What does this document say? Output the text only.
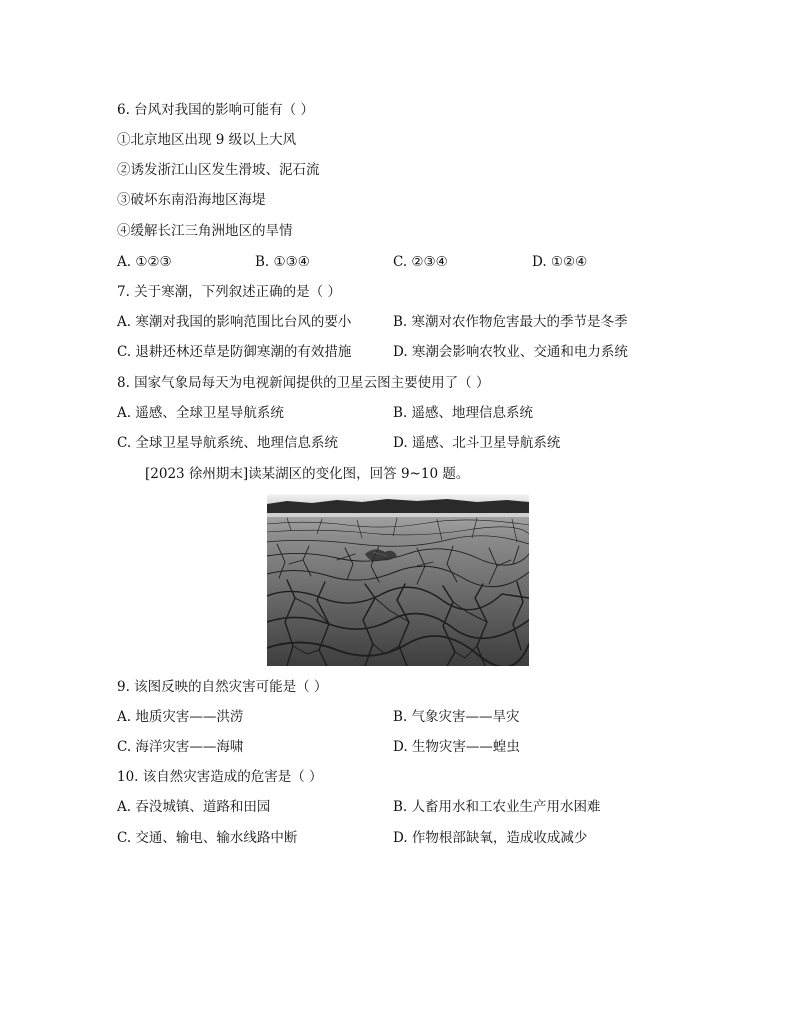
6. 台风对我国的影响可能有（ ）
①北京地区出现 9 级以上大风
②诱发浙江山区发生滑坡、泥石流
③破坏东南沿海地区海堤
④缓解长江三角洲地区的旱情
A. ①②③	B. ①③④	C. ②③④	D. ①②④
7. 关于寒潮，下列叙述正确的是（ ）
A. 寒潮对我国的影响范围比台风的要小	B. 寒潮对农作物危害最大的季节是冬季
C. 退耕还林还草是防御寒潮的有效措施	D. 寒潮会影响农牧业、交通和电力系统
8. 国家气象局每天为电视新闻提供的卫星云图主要使用了（ ）
A. 遥感、全球卫星导航系统	B. 遥感、地理信息系统
C. 全球卫星导航系统、地理信息系统	D. 遥感、北斗卫星导航系统
[2023 徐州期末]读某湖区的变化图，回答 9~10 题。
9. 该图反映的自然灾害可能是（ ）
A. 地质灾害——洪涝	B. 气象灾害——旱灾
C. 海洋灾害——海啸	D. 生物灾害——蝗虫
10. 该自然灾害造成的危害是（ ）
A. 吞没城镇、道路和田园	B. 人畜用水和工农业生产用水困难
C. 交通、输电、输水线路中断	D. 作物根部缺氧，造成收成减少
